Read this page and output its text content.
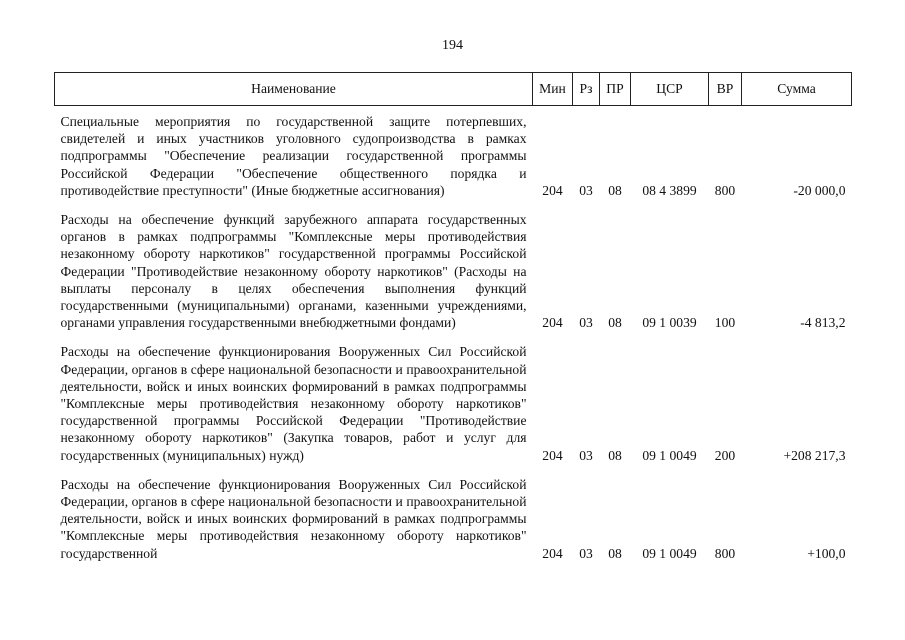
194
Наименование	Мин	Рз	ПР	ЦСР	ВР	Сумма
Специальные мероприятия по государственной защите потерпевших, свидетелей и иных участников уголовного судопроизводства в рамках подпрограммы "Обеспечение реализации государственной программы Российской Федерации "Обеспечение общественного порядка и противодействие преступности" (Иные бюджетные ассигнования)	204	03	08	08 4 3899	800	-20 000,0
Расходы на обеспечение функций зарубежного аппарата государственных органов в рамках подпрограммы "Комплексные меры противодействия незаконному обороту наркотиков" государственной программы Российской Федерации "Противодействие незаконному обороту наркотиков" (Расходы на выплаты персоналу в целях обеспечения выполнения функций государственными (муниципальными) органами, казенными учреждениями, органами управления государственными внебюджетными фондами)	204	03	08	09 1 0039	100	-4 813,2
Расходы на обеспечение функционирования Вооруженных Сил Российской Федерации, органов в сфере национальной безопасности и правоохранительной деятельности, войск и иных воинских формирований в рамках подпрограммы "Комплексные меры противодействия незаконному обороту наркотиков" государственной программы Российской Федерации "Противодействие незаконному обороту наркотиков" (Закупка товаров, работ и услуг для государственных (муниципальных) нужд)	204	03	08	09 1 0049	200	+208 217,3
Расходы на обеспечение функционирования Вооруженных Сил Российской Федерации, органов в сфере национальной безопасности и правоохранительной деятельности, войск и иных воинских формирований в рамках подпрограммы "Комплексные меры противодействия незаконному обороту наркотиков" государственной	204	03	08	09 1 0049	800	+100,0
